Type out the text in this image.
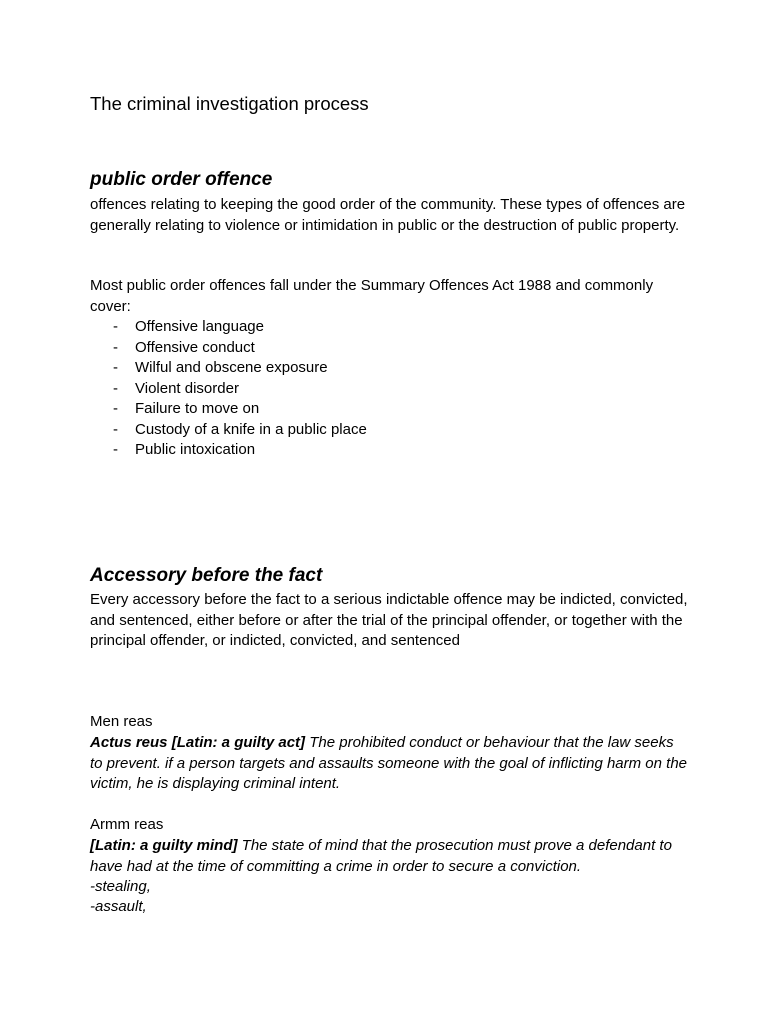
The criminal investigation process
public order offence
offences relating to keeping the good order of the community. These types of offences are generally relating to violence or intimidation in public or the destruction of public property.
Most public order offences fall under the Summary Offences Act 1988 and commonly cover:
- Offensive language
- Offensive conduct
- Wilful and obscene exposure
- Violent disorder
- Failure to move on
- Custody of a knife in a public place
- Public intoxication
Accessory before the fact
Every accessory before the fact to a serious indictable offence may be indicted, convicted, and sentenced, either before or after the trial of the principal offender, or together with the principal offender, or indicted, convicted, and sentenced
Men reas
Actus reus [Latin: a guilty act] The prohibited conduct or behaviour that the law seeks to prevent. if a person targets and assaults someone with the goal of inflicting harm on the victim, he is displaying criminal intent.
Armm reas
[Latin: a guilty mind] The state of mind that the prosecution must prove a defendant to have had at the time of committing a crime in order to secure a conviction.
-stealing,
-assault,
